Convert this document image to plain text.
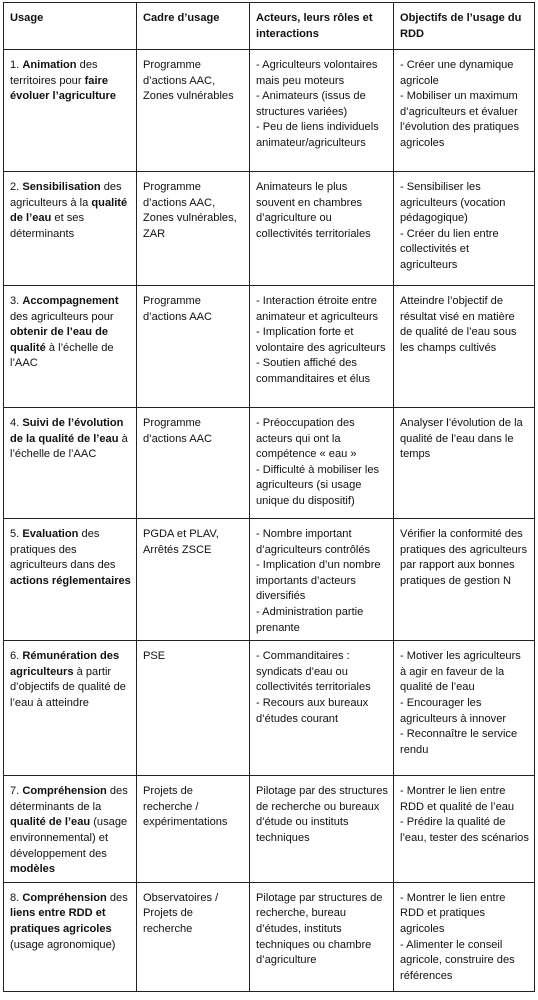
Usage	Cadre d’usage	Acteurs, leurs rôles et interactions	Objectifs de l’usage du RDD
1. Animation des territoires pour faire évoluer l’agriculture	Programme d’actions AAC, Zones vulnérables	- Agriculteurs volontaires mais peu moteurs
- Animateurs (issus de structures variées)
- Peu de liens individuels animateur/agriculteurs	- Créer une dynamique agricole
- Mobiliser un maximum d’agriculteurs et évaluer l’évolution des pratiques agricoles

2. Sensibilisation des agriculteurs à la qualité de l’eau et ses déterminants	Programme d’actions AAC, Zones vulnérables, ZAR	Animateurs le plus souvent en chambres d’agriculture ou collectivités territoriales	- Sensibiliser les agriculteurs (vocation pédagogique)
- Créer du lien entre collectivités et agriculteurs

3. Accompagnement des agriculteurs pour obtenir de l’eau de qualité à l’échelle de l’AAC	Programme d’actions AAC	- Interaction étroite entre animateur et agriculteurs
- Implication forte et volontaire des agriculteurs
- Soutien affiché des commanditaires et élus	Atteindre l’objectif de résultat visé en matière de qualité de l’eau sous les champs cultivés

4. Suivi de l’évolution de la qualité de l’eau à l’échelle de l’AAC	Programme d’actions AAC	- Préoccupation des acteurs qui ont la compétence « eau »
- Difficulté à mobiliser les agriculteurs (si usage unique du dispositif)	Analyser l’évolution de la qualité de l’eau dans le temps

5. Evaluation des pratiques des agriculteurs dans des actions réglementaires	PGDA et PLAV, Arrêtés ZSCE	- Nombre important d’agriculteurs contrôlés
- Implication d’un nombre importants d’acteurs diversifiés
- Administration partie prenante	Vérifier la conformité des pratiques des agriculteurs par rapport aux bonnes pratiques de gestion N

6. Rémunération des agriculteurs à partir d’objectifs de qualité de l’eau à atteindre	PSE	- Commanditaires : syndicats d’eau ou collectivités territoriales
- Recours aux bureaux d’études courant	- Motiver les agriculteurs à agir en faveur de la qualité de l’eau
- Encourager les agriculteurs à innover
- Reconnaître le service rendu

7. Compréhension des déterminants de la qualité de l’eau (usage environnemental) et développement des modèles	Projets de recherche / expérimentations	Pilotage par des structures de recherche ou bureaux d’étude ou instituts techniques	- Montrer le lien entre RDD et qualité de l’eau
- Prédire la qualité de l’eau, tester des scénarios

8. Compréhension des liens entre RDD et pratiques agricoles (usage agronomique)	Observatoires / Projets de recherche	Pilotage par structures de recherche, bureau d’études, instituts techniques ou chambre d’agriculture	- Montrer le lien entre RDD et pratiques agricoles
- Alimenter le conseil agricole, construire des références
